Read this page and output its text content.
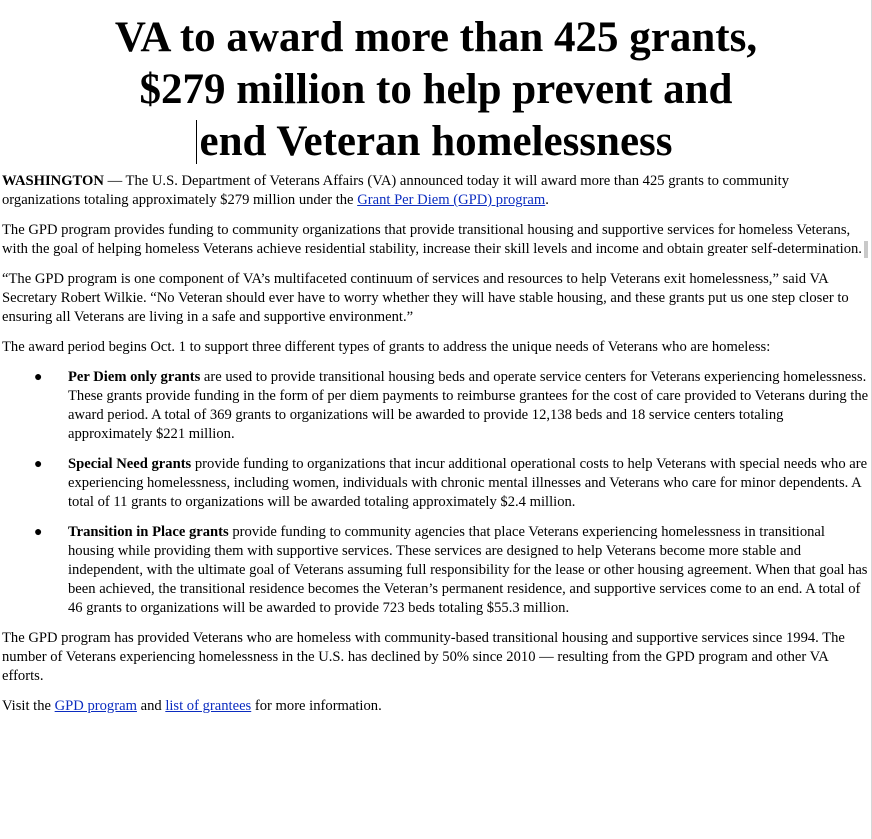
VA to award more than 425 grants,
$279 million to help prevent and
end Veteran homelessness

WASHINGTON — The U.S. Department of Veterans Affairs (VA) announced today it will award more than 425 grants to community organizations totaling approximately $279 million under the Grant Per Diem (GPD) program.

The GPD program provides funding to community organizations that provide transitional housing and supportive services for homeless Veterans, with the goal of helping homeless Veterans achieve residential stability, increase their skill levels and income and obtain greater self-determination.

“The GPD program is one component of VA’s multifaceted continuum of services and resources to help Veterans exit homelessness,” said VA Secretary Robert Wilkie. “No Veteran should ever have to worry whether they will have stable housing, and these grants put us one step closer to ensuring all Veterans are living in a safe and supportive environment.”

The award period begins Oct. 1 to support three different types of grants to address the unique needs of Veterans who are homeless:

● Per Diem only grants are used to provide transitional housing beds and operate service centers for Veterans experiencing homelessness. These grants provide funding in the form of per diem payments to reimburse grantees for the cost of care provided to Veterans during the award period. A total of 369 grants to organizations will be awarded to provide 12,138 beds and 18 service centers totaling approximately $221 million.
● Special Need grants provide funding to organizations that incur additional operational costs to help Veterans with special needs who are experiencing homelessness, including women, individuals with chronic mental illnesses and Veterans who care for minor dependents. A total of 11 grants to organizations will be awarded totaling approximately $2.4 million.
● Transition in Place grants provide funding to community agencies that place Veterans experiencing homelessness in transitional housing while providing them with supportive services. These services are designed to help Veterans become more stable and independent, with the ultimate goal of Veterans assuming full responsibility for the lease or other housing agreement. When that goal has been achieved, the transitional residence becomes the Veteran’s permanent residence, and supportive services come to an end. A total of 46 grants to organizations will be awarded to provide 723 beds totaling $55.3 million.

The GPD program has provided Veterans who are homeless with community-based transitional housing and supportive services since 1994. The number of Veterans experiencing homelessness in the U.S. has declined by 50% since 2010 — resulting from the GPD program and other VA efforts.

Visit the GPD program and list of grantees for more information.
